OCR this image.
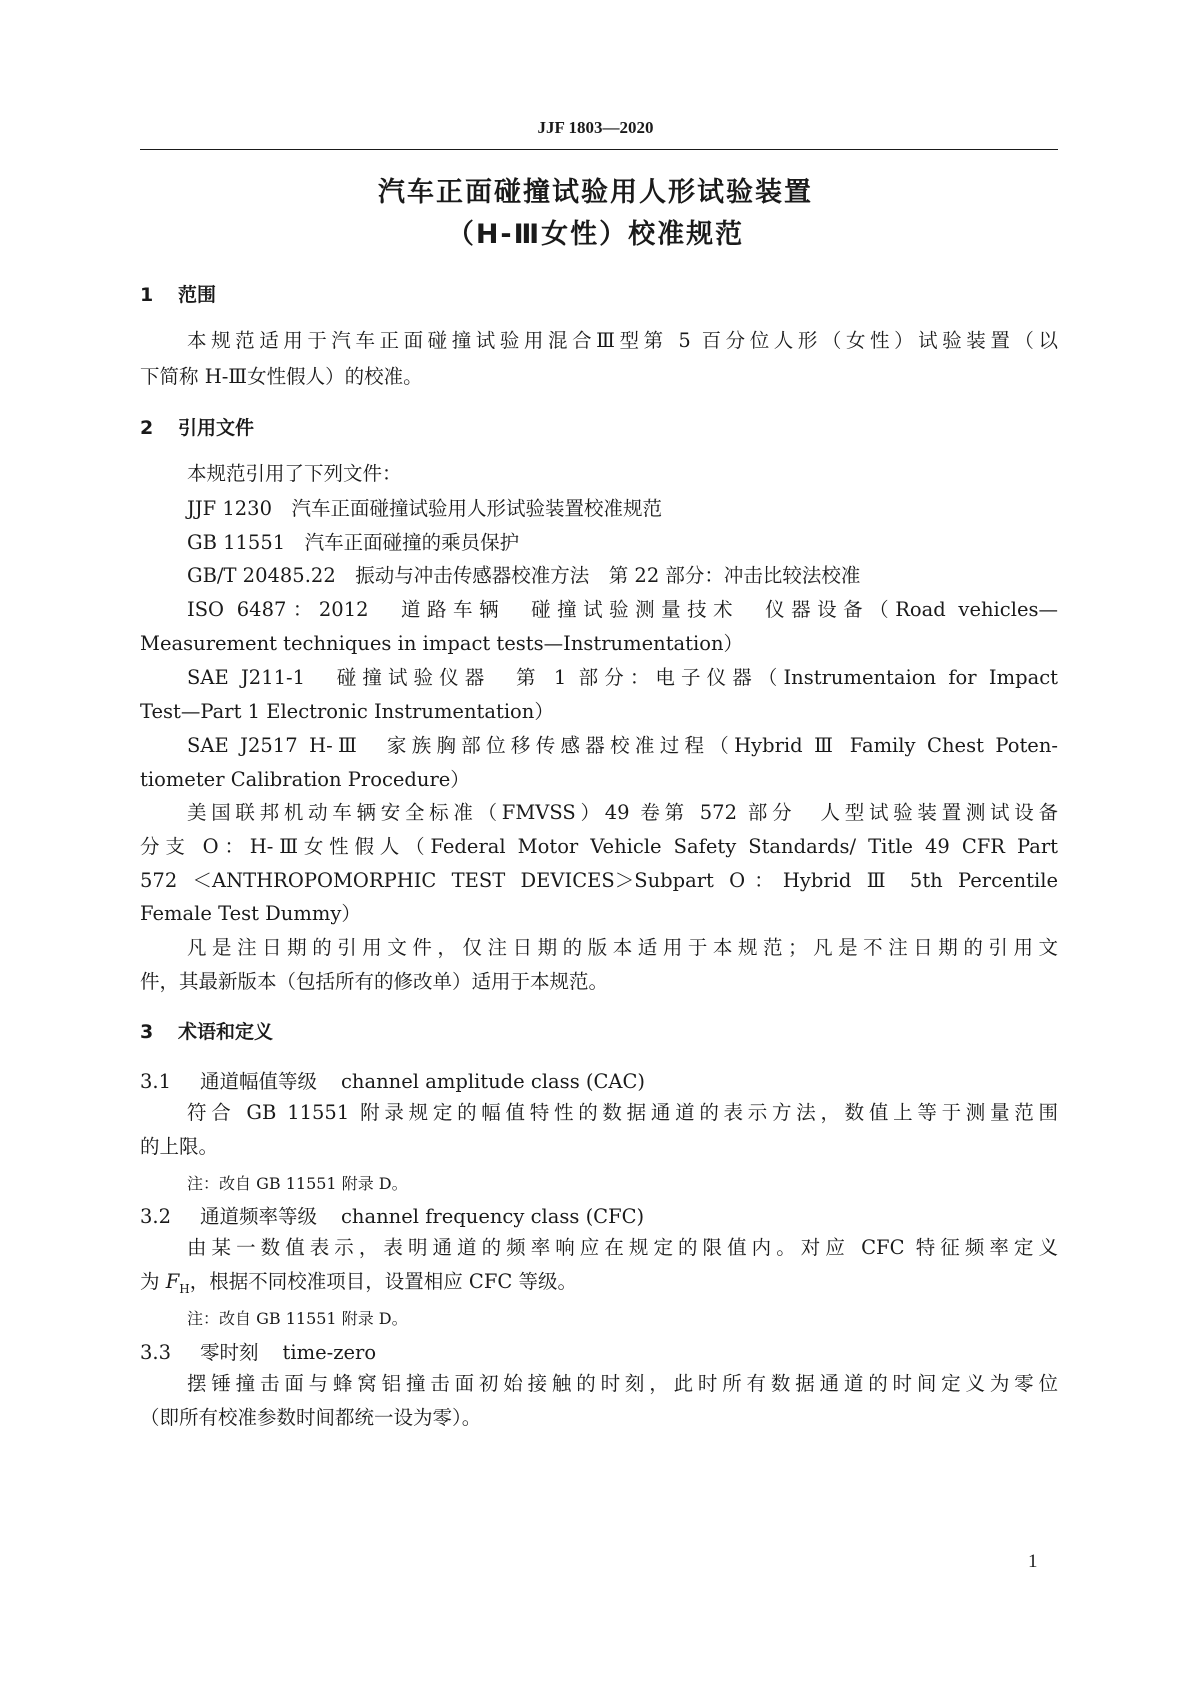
JJF 1803—2020
汽车正面碰撞试验用人形试验装置
（H-Ⅲ女性）校准规范
1 范围
本规范适用于汽车正面碰撞试验用混合Ⅲ型第 5 百分位人形（女性）试验装置（以
下简称 H-Ⅲ女性假人）的校准。
2 引用文件
本规范引用了下列文件：
JJF 1230　汽车正面碰撞试验用人形试验装置校准规范
GB 11551　汽车正面碰撞的乘员保护
GB/T 20485.22　振动与冲击传感器校准方法　第 22 部分：冲击比较法校准
ISO 6487：2012　道路车辆　碰撞试验测量技术　仪器设备（Road vehicles—
Measurement techniques in impact tests—Instrumentation）
SAE J211-1　碰撞试验仪器　第 1 部分：电子仪器（Instrumentaion for Impact
Test—Part 1 Electronic Instrumentation）
SAE J2517 H-Ⅲ　家族胸部位移传感器校准过程（Hybrid Ⅲ Family Chest Poten-
tiometer Calibration Procedure）
美国联邦机动车辆安全标准（FMVSS）49 卷第 572 部分　人型试验装置测试设备
分支 O：H-Ⅲ女性假人（Federal Motor Vehicle Safety Standards/ Title 49 CFR Part
572 ＜ANTHROPOMORPHIC TEST DEVICES＞Subpart O：Hybrid Ⅲ 5th Percentile
Female Test Dummy）
凡是注日期的引用文件，仅注日期的版本适用于本规范；凡是不注日期的引用文
件，其最新版本（包括所有的修改单）适用于本规范。
3 术语和定义
3.1 通道幅值等级 channel amplitude class (CAC)
符合 GB 11551 附录规定的幅值特性的数据通道的表示方法，数值上等于测量范围
的上限。
注：改自 GB 11551 附录 D。
3.2 通道频率等级 channel frequency class (CFC)
由某一数值表示，表明通道的频率响应在规定的限值内。对应 CFC 特征频率定义
为 $F_H$，根据不同校准项目，设置相应 CFC 等级。
注：改自 GB 11551 附录 D。
3.3 零时刻 time-zero
摆锤撞击面与蜂窝铝撞击面初始接触的时刻，此时所有数据通道的时间定义为零位
（即所有校准参数时间都统一设为零）。
1
